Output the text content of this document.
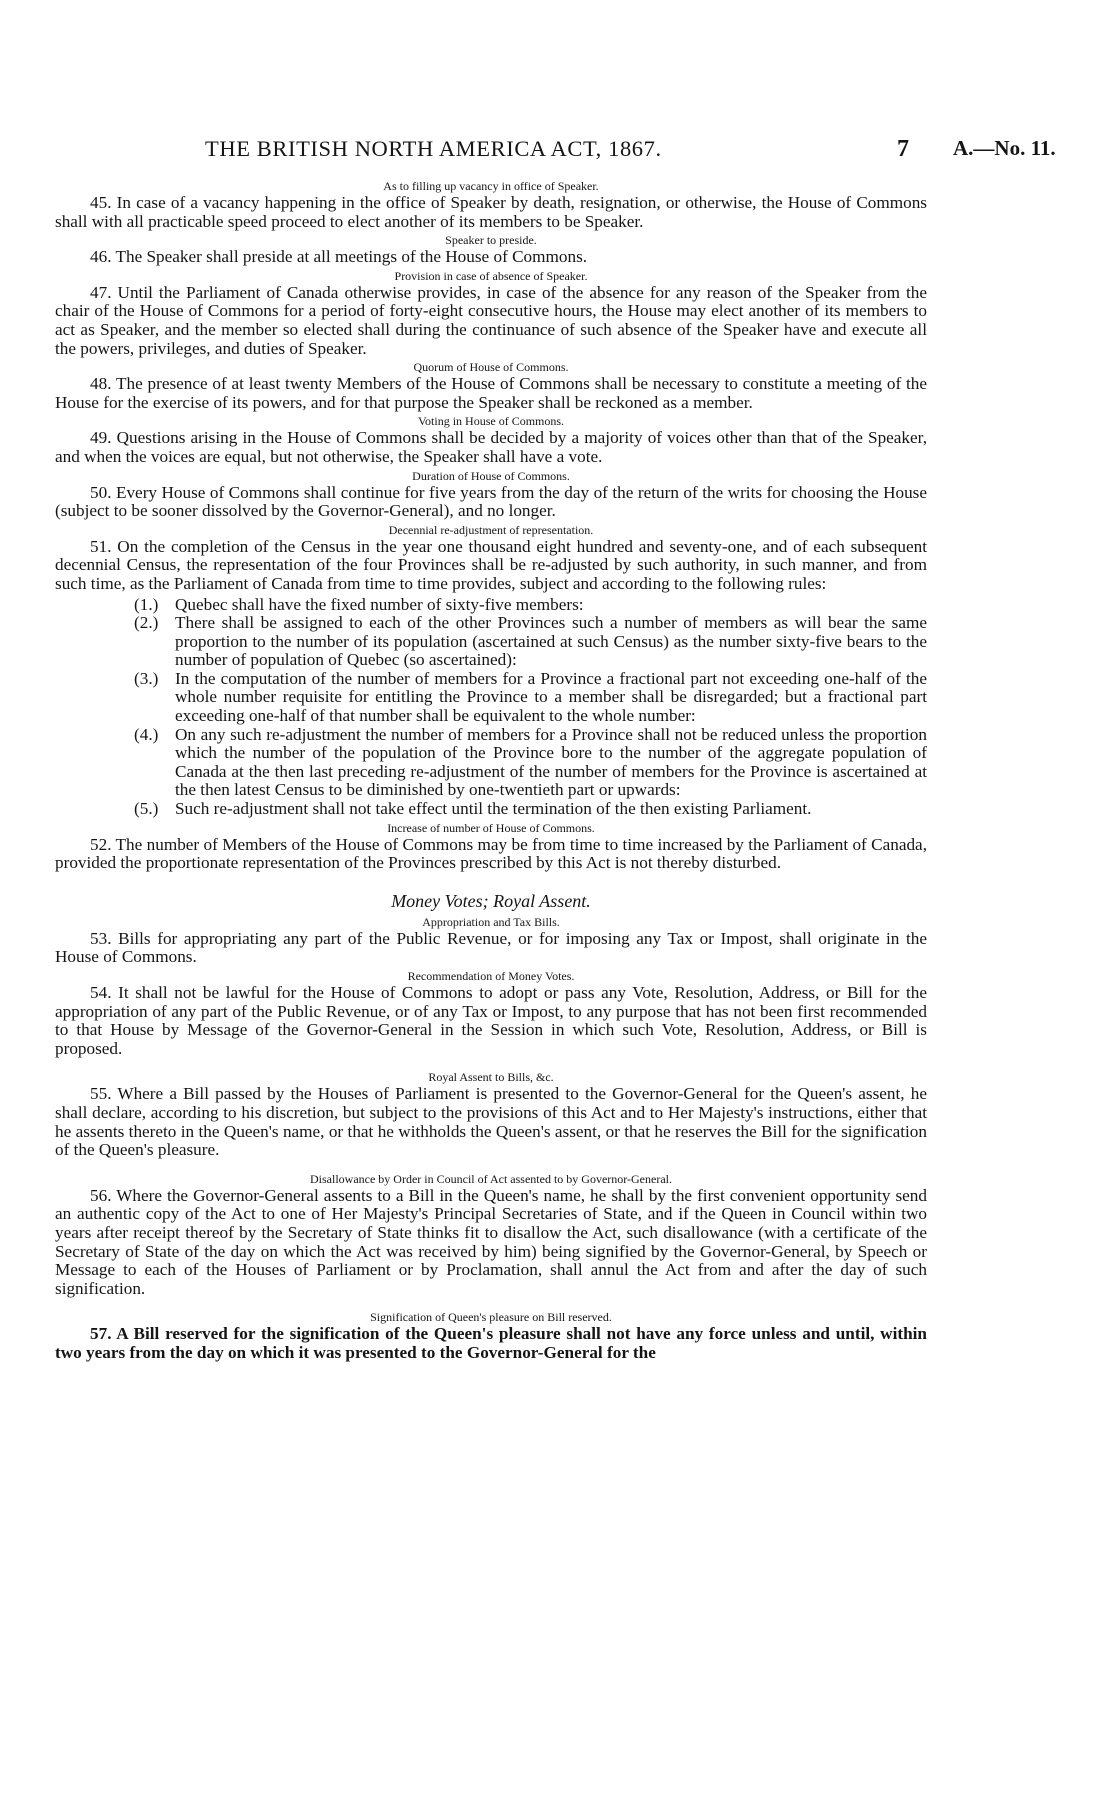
THE BRITISH NORTH AMERICA ACT, 1867.	7 A.—No. 11.

As to filling up vacancy in office of Speaker.

45. In case of a vacancy happening in the office of Speaker by death, resignation, or otherwise, the House of Commons shall with all practicable speed proceed to elect another of its members to be Speaker.

Speaker to preside.

46. The Speaker shall preside at all meetings of the House of Commons.

Provision in case of absence of Speaker.

47. Until the Parliament of Canada otherwise provides, in case of the absence for any reason of the Speaker from the chair of the House of Commons for a period of forty-eight consecutive hours, the House may elect another of its members to act as Speaker, and the member so elected shall during the continuance of such absence of the Speaker have and execute all the powers, privileges, and duties of Speaker.

Quorum of House of Commons.

48. The presence of at least twenty Members of the House of Commons shall be necessary to constitute a meeting of the House for the exercise of its powers, and for that purpose the Speaker shall be reckoned as a member.

Voting in House of Commons.

49. Questions arising in the House of Commons shall be decided by a majority of voices other than that of the Speaker, and when the voices are equal, but not otherwise, the Speaker shall have a vote.

Duration of House of Commons.

50. Every House of Commons shall continue for five years from the day of the return of the writs for choosing the House (subject to be sooner dissolved by the Governor-General), and no longer.

Decennial re-adjustment of representation.

51. On the completion of the Census in the year one thousand eight hundred and seventy-one, and of each subsequent decennial Census, the representation of the four Provinces shall be re-adjusted by such authority, in such manner, and from such time, as the Parliament of Canada from time to time provides, subject and according to the following rules:

(1.) Quebec shall have the fixed number of sixty-five members:
(2.) There shall be assigned to each of the other Provinces such a number of members as will bear the same proportion to the number of its population (ascertained at such Census) as the number sixty-five bears to the number of population of Quebec (so ascertained):
(3.) In the computation of the number of members for a Province a fractional part not exceeding one-half of the whole number requisite for entitling the Province to a member shall be disregarded; but a fractional part exceeding one-half of that number shall be equivalent to the whole number:
(4.) On any such re-adjustment the number of members for a Province shall not be reduced unless the proportion which the number of the population of the Province bore to the number of the aggregate population of Canada at the then last preceding re-adjustment of the number of members for the Province is ascertained at the then latest Census to be diminished by one-twentieth part or upwards:
(5.) Such re-adjustment shall not take effect until the termination of the then existing Parliament.

Increase of number of House of Commons.

52. The number of Members of the House of Commons may be from time to time increased by the Parliament of Canada, provided the proportionate representation of the Provinces prescribed by this Act is not thereby disturbed.

Money Votes; Royal Assent.

Appropriation and Tax Bills.

53. Bills for appropriating any part of the Public Revenue, or for imposing any Tax or Impost, shall originate in the House of Commons.

Recommendation of Money Votes.

54. It shall not be lawful for the House of Commons to adopt or pass any Vote, Resolution, Address, or Bill for the appropriation of any part of the Public Revenue, or of any Tax or Impost, to any purpose that has not been first recommended to that House by Message of the Governor-General in the Session in which such Vote, Resolution, Address, or Bill is proposed.

Royal Assent to Bills, &c.

55. Where a Bill passed by the Houses of Parliament is presented to the Governor-General for the Queen's assent, he shall declare, according to his discretion, but subject to the provisions of this Act and to Her Majesty's instructions, either that he assents thereto in the Queen's name, or that he withholds the Queen's assent, or that he reserves the Bill for the signification of the Queen's pleasure.

Disallowance by Order in Council of Act assented to by Governor-General.

56. Where the Governor-General assents to a Bill in the Queen's name, he shall by the first convenient opportunity send an authentic copy of the Act to one of Her Majesty's Principal Secretaries of State, and if the Queen in Council within two years after receipt thereof by the Secretary of State thinks fit to disallow the Act, such disallowance (with a certificate of the Secretary of State of the day on which the Act was received by him) being signified by the Governor-General, by Speech or Message to each of the Houses of Parliament or by Proclamation, shall annul the Act from and after the day of such signification.

Signification of Queen's pleasure on Bill reserved.

57. A Bill reserved for the signification of the Queen's pleasure shall not have any force unless and until, within two years from the day on which it was presented to the Governor-General for the
